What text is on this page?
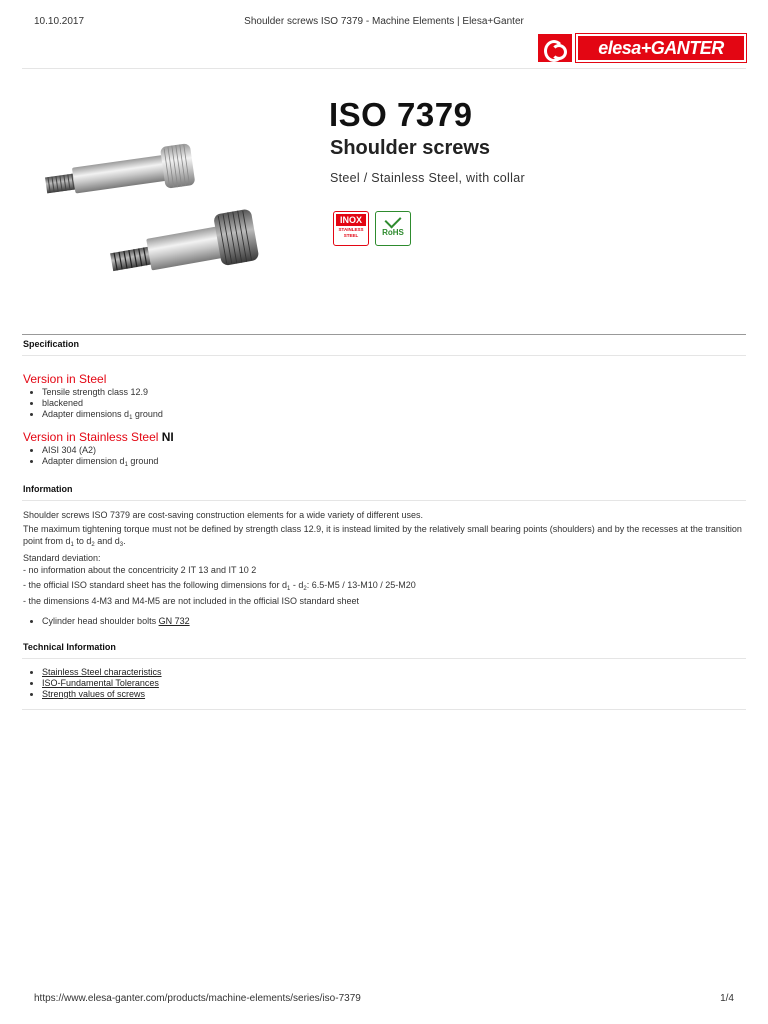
10.10.2017	Shoulder screws ISO 7379 - Machine Elements | Elesa+Ganter
elesa+GANTER
ISO 7379
Shoulder screws

Steel / Stainless Steel, with collar

INOX
STAINLESS STEEL	RoHS
Specification
Version in Steel
• Tensile strength class 12.9
• blackened
• Adapter dimensions $d_1$ ground
Version in Stainless Steel NI
• AISI 304 (A2)
• Adapter dimension $d_1$ ground
Information

Shoulder screws ISO 7379 are cost-saving construction elements for a wide variety of different uses.

The maximum tightening torque must not be defined by strength class 12.9, it is instead limited by the relatively small bearing points (shoulders) and by the recesses at the transition point from $d_1$ to $d_2$ and $d_3$.

Standard deviation:

- no information about the concentricity 2 IT 13 and IT 10 2

- the official ISO standard sheet has the following dimensions for $d_1 - d_2$: 6.5-M5 / 13-M10 / 25-M20

- the dimensions 4-M3 and M4-M5 are not included in the official ISO standard sheet

• Cylinder head shoulder bolts GN 732
Technical Information
• Stainless Steel characteristics
• ISO-Fundamental Tolerances
• Strength values of screws
https://www.elesa-ganter.com/products/machine-elements/series/iso-7379	1/4
